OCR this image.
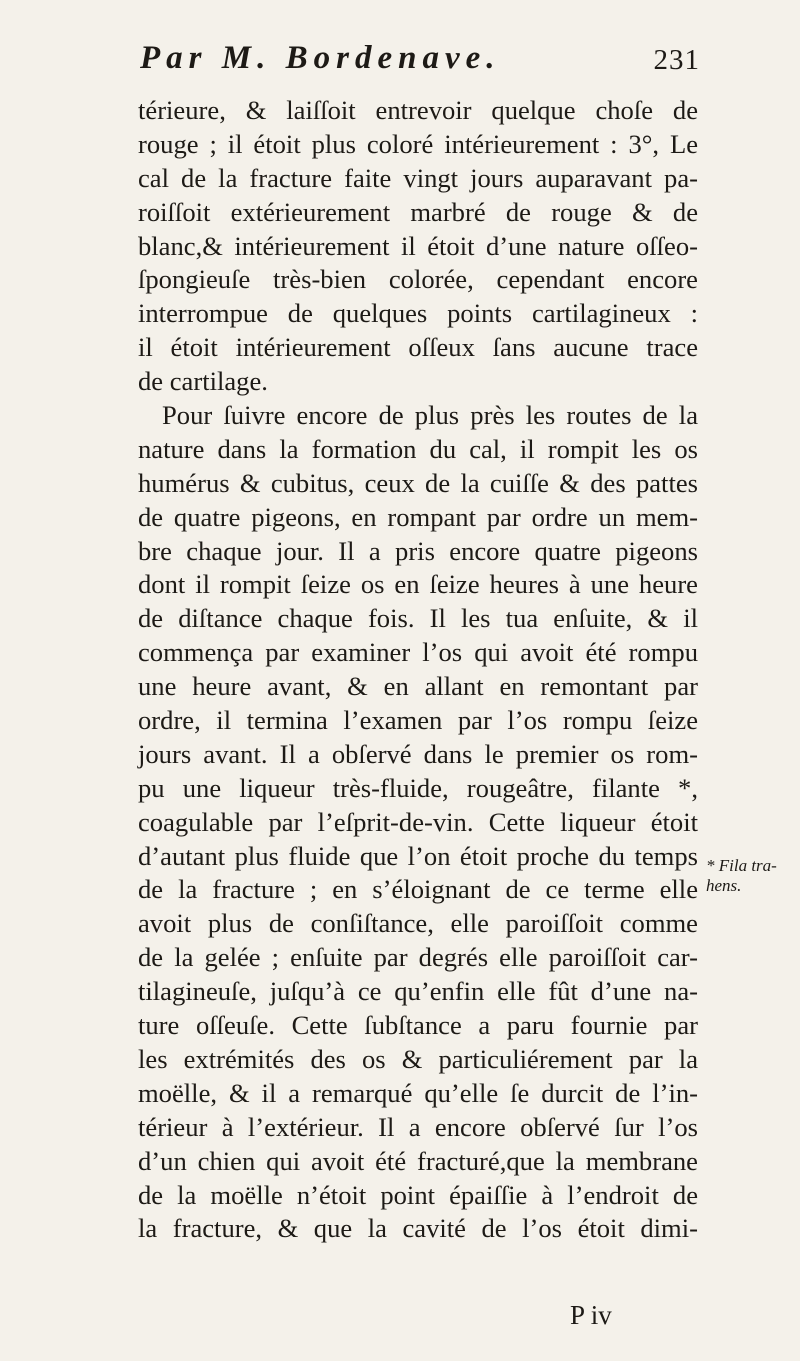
Par M. Bordenave.	231
térieure, & laiſſoit entrevoir quelque choſe de
rouge ; il étoit plus coloré intérieurement : 3°, Le
cal de la fracture faite vingt jours auparavant pa-
roiſſoit extérieurement marbré de rouge & de
blanc,& intérieurement il étoit d’une nature oſſeo-
ſpongieuſe très-bien colorée, cependant encore
interrompue de quelques points cartilagineux :
il étoit intérieurement oſſeux ſans aucune trace
de cartilage.
Pour ſuivre encore de plus près les routes de la
nature dans la formation du cal, il rompit les os
humérus & cubitus, ceux de la cuiſſe & des pattes
de quatre pigeons, en rompant par ordre un mem-
bre chaque jour. Il a pris encore quatre pigeons
dont il rompit ſeize os en ſeize heures à une heure
de diſtance chaque fois. Il les tua enſuite, & il
commença par examiner l’os qui avoit été rompu
une heure avant, & en allant en remontant par
ordre, il termina l’examen par l’os rompu ſeize
jours avant. Il a obſervé dans le premier os rom-
pu une liqueur très-fluide, rougeâtre, filante *,
coagulable par l’eſprit-de-vin. Cette liqueur étoit
d’autant plus fluide que l’on étoit proche du temps
de la fracture ; en s’éloignant de ce terme elle
avoit plus de conſiſtance, elle paroiſſoit comme
de la gelée ; enſuite par degrés elle paroiſſoit car-
tilagineuſe, juſqu’à ce qu’enfin elle fût d’une na-
ture oſſeuſe. Cette ſubſtance a paru fournie par
les extrémités des os & particuliérement par la
moëlle, & il a remarqué qu’elle ſe durcit de l’in-
térieur à l’extérieur. Il a encore obſervé ſur l’os
d’un chien qui avoit été fracturé,que la membrane
de la moëlle n’étoit point épaiſſie à l’endroit de
la fracture, & que la cavité de l’os étoit dimi-
* Fila tra-
hens.
P iv
